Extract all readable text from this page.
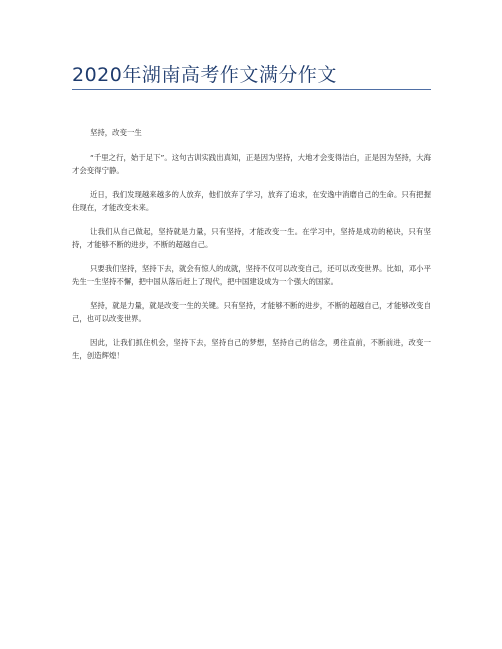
2020年湖南高考作文满分作文

坚持，改变一生

“千里之行，始于足下”。这句古训实践出真知，正是因为坚持，大地才会变得洁白，正是因为坚持，大海才会变得宁静。

近日，我们发现越来越多的人放弃，他们放弃了学习，放弃了追求，在安逸中消磨自己的生命。只有把握住现在，才能改变未来。

让我们从自己做起，坚持就是力量，只有坚持，才能改变一生。在学习中，坚持是成功的秘诀，只有坚持，才能够不断的进步，不断的超越自己。

只要我们坚持，坚持下去，就会有惊人的成就，坚持不仅可以改变自己，还可以改变世界。比如，邓小平先生一生坚持不懈，把中国从落后赶上了现代，把中国建设成为一个强大的国家。

坚持，就是力量，就是改变一生的关键。只有坚持，才能够不断的进步，不断的超越自己，才能够改变自己，也可以改变世界。

因此，让我们抓住机会，坚持下去，坚持自己的梦想，坚持自己的信念，勇往直前，不断前进，改变一生，创造辉煌！
